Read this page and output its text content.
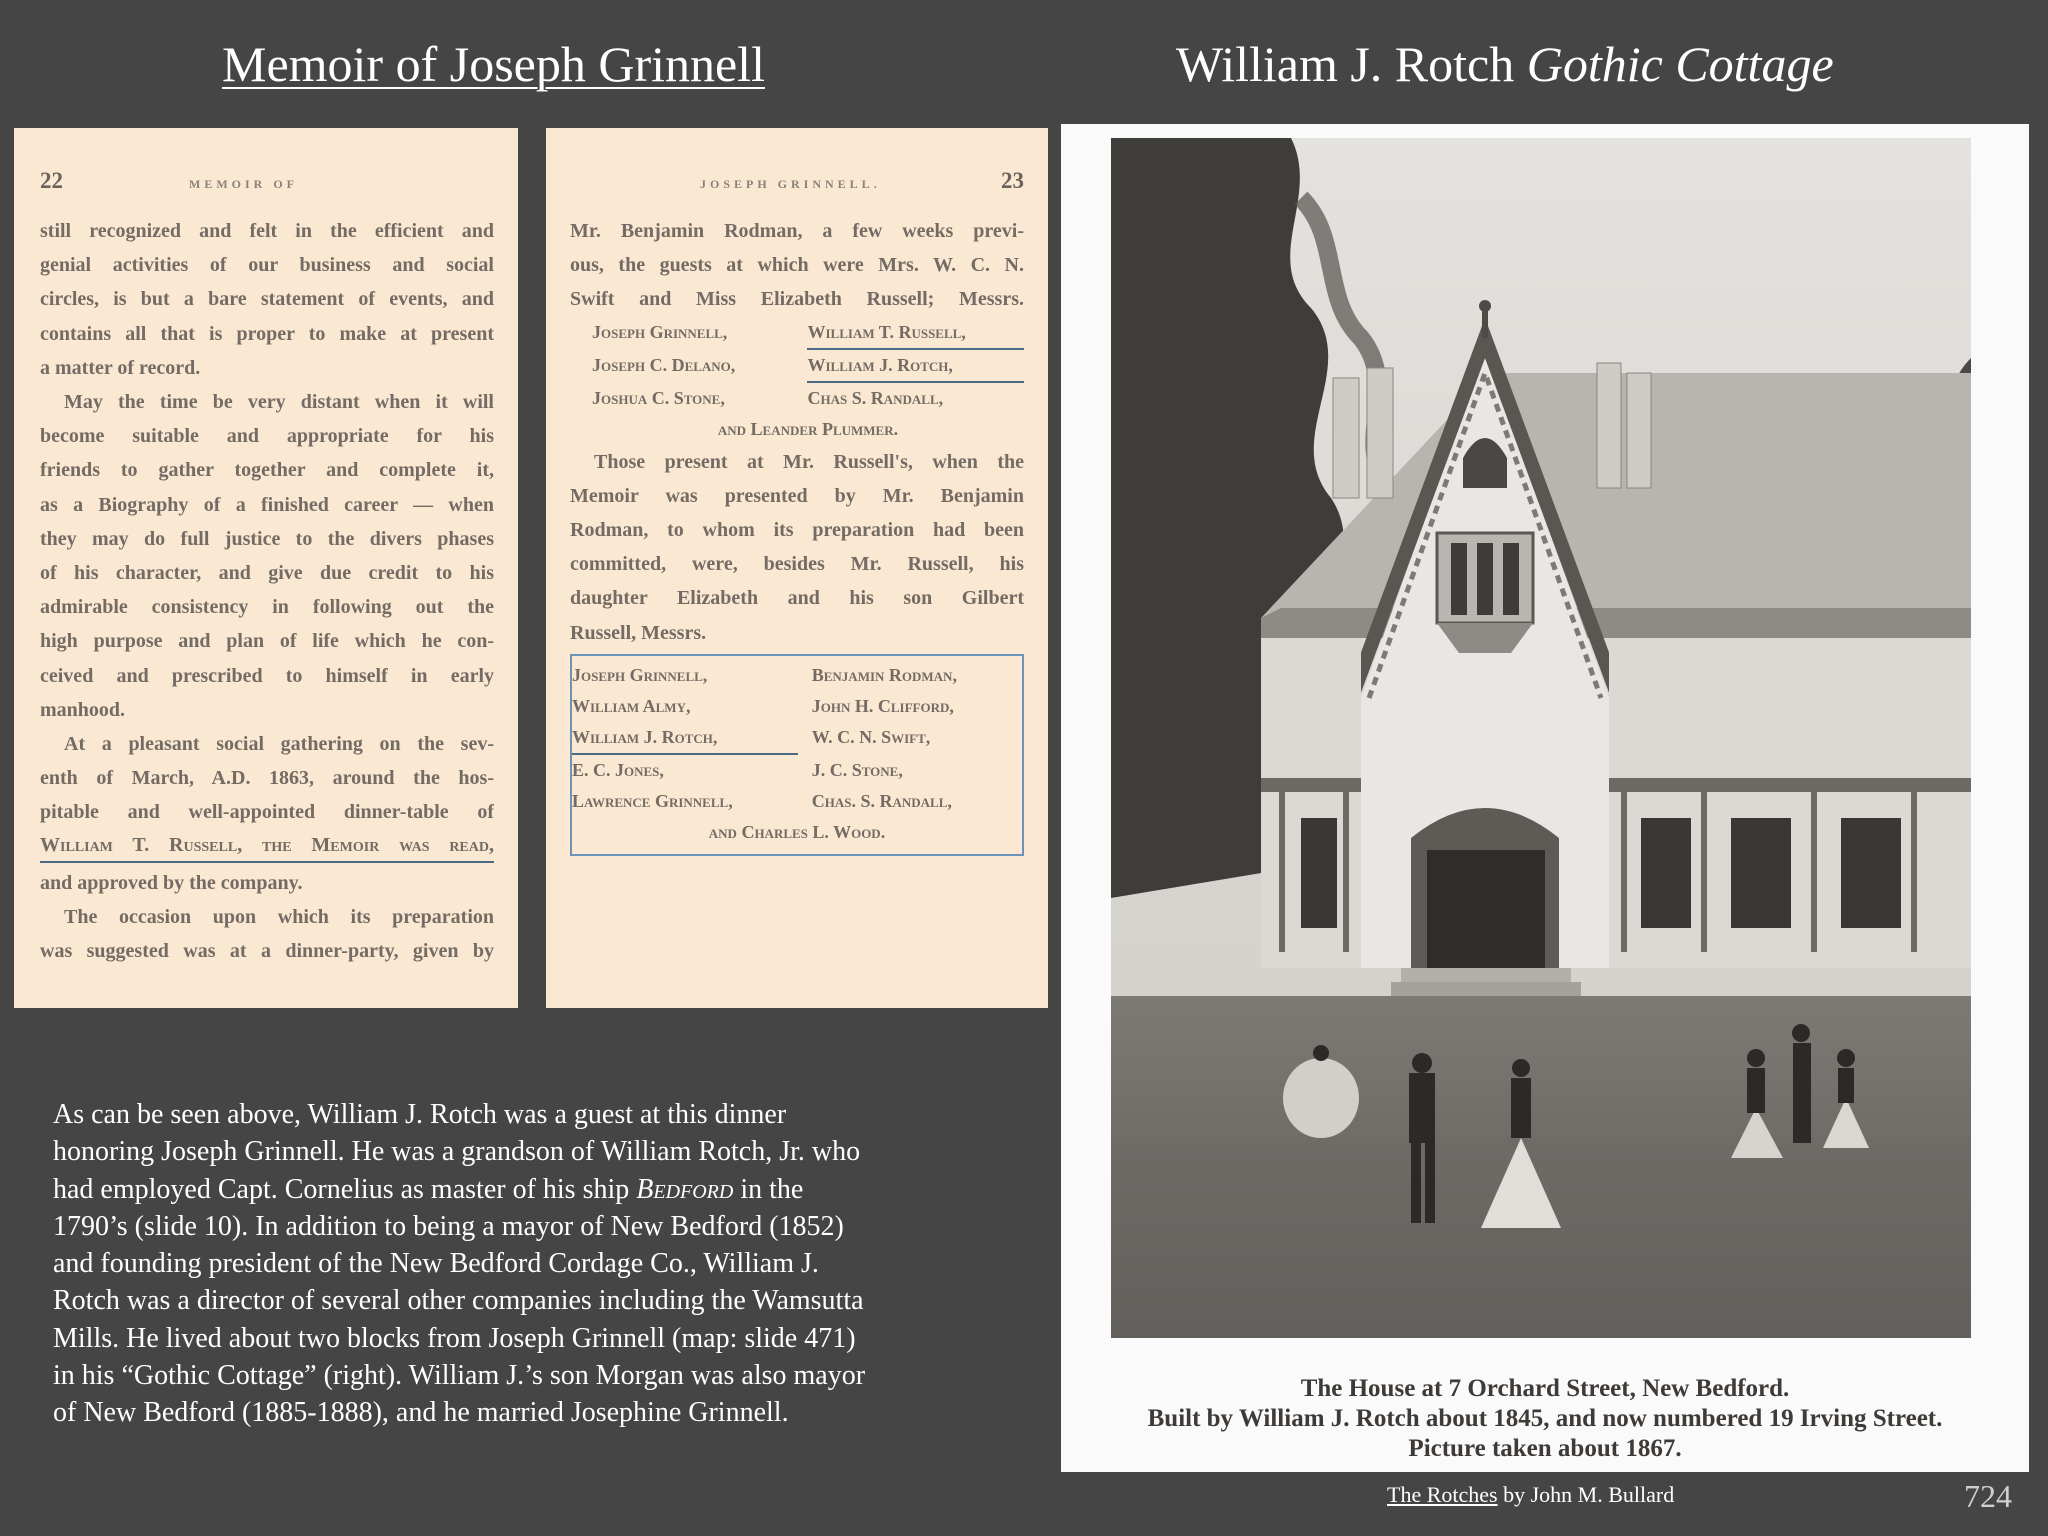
Memoir of Joseph Grinnell	William J. Rotch Gothic Cottage
22	MEMOIR OF
still recognized and felt in the efficient and
genial activities of our business and social
circles, is but a bare statement of events, and
contains all that is proper to make at present
a matter of record.
May the time be very distant when it will
become suitable and appropriate for his
friends to gather together and complete it,
as a Biography of a finished career — when
they may do full justice to the divers phases
of his character, and give due credit to his
admirable consistency in following out the
high purpose and plan of life which he con-
ceived and prescribed to himself in early
manhood.
At a pleasant social gathering on the sev-
enth of March, A.D. 1863, around the hos-
pitable and well-appointed dinner-table of
William T. Russell, the Memoir was read,
and approved by the company.
The occasion upon which its preparation
was suggested was at a dinner-party, given by
JOSEPH GRINNELL.	23
Mr. Benjamin Rodman, a few weeks previ-
ous, the guests at which were Mrs. W. C. N.
Swift and Miss Elizabeth Russell; Messrs.
Joseph Grinnell,	William T. Russell,
Joseph C. Delano,	William J. Rotch,
Joshua C. Stone,	Chas S. Randall,
and Leander Plummer.
Those present at Mr. Russell's, when the
Memoir was presented by Mr. Benjamin
Rodman, to whom its preparation had been
committed, were, besides Mr. Russell, his
daughter Elizabeth and his son Gilbert
Russell, Messrs.
Joseph Grinnell,	Benjamin Rodman,
William Almy,	John H. Clifford,
William J. Rotch,	W. C. N. Swift,
E. C. Jones,	J. C. Stone,
Lawrence Grinnell,	Chas. S. Randall,
and Charles L. Wood.
The House at 7 Orchard Street, New Bedford.
Built by William J. Rotch about 1845, and now numbered 19 Irving Street.
Picture taken about 1867.
As can be seen above, William J. Rotch was a guest at this dinner
honoring Joseph Grinnell. He was a grandson of William Rotch, Jr. who
had employed Capt. Cornelius as master of his ship Bedford in the
1790’s (slide 10). In addition to being a mayor of New Bedford (1852)
and founding president of the New Bedford Cordage Co., William J.
Rotch was a director of several other companies including the Wamsutta
Mills. He lived about two blocks from Joseph Grinnell (map: slide 471)
in his “Gothic Cottage” (right). William J.’s son Morgan was also mayor
of New Bedford (1885-1888), and he married Josephine Grinnell.
The Rotches by John M. Bullard	724
